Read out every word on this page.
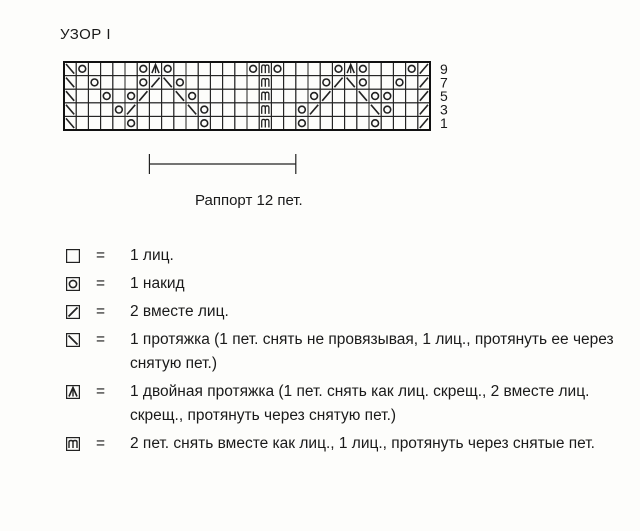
УЗОР I
9
7
5
3
1
Раппорт 12 пет.
= 1 лиц.
= 1 накид
= 2 вместе лиц.
= 1 протяжка (1 пет. снять не провязывая, 1 лиц., протянуть ее через снятую пет.)
= 1 двойная протяжка (1 пет. снять как лиц. скрещ., 2 вместе лиц. скрещ., протянуть через снятую пет.)
= 2 пет. снять вместе как лиц., 1 лиц., протянуть через снятые пет.
